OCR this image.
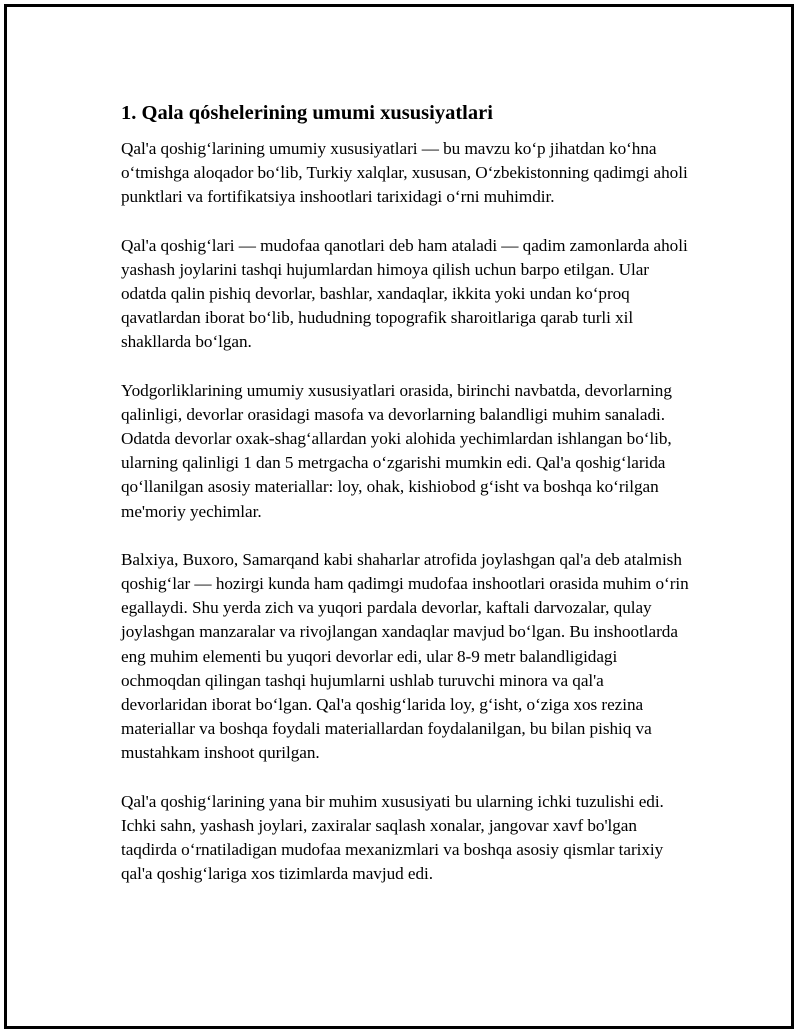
1. Qala qóshelerining umumi xususiyatlari

Qal'a qoshig‘larining umumiy xususiyatlari — bu mavzu ko‘p jihatdan ko‘hna o‘tmishga aloqador bo‘lib, Turkiy xalqlar, xususan, O‘zbekistonning qadimgi aholi punktlari va fortifikatsiya inshootlari tarixidagi o‘rni muhimdir.

Qal'a qoshig‘lari — mudofaa qanotlari deb ham ataladi — qadim zamonlarda aholi yashash joylarini tashqi hujumlardan himoya qilish uchun barpo etilgan. Ular odatda qalin pishiq devorlar, bashlar, xandaqlar, ikkita yoki undan ko‘proq qavatlardan iborat bo‘lib, hududning topografik sharoitlariga qarab turli xil shakllarda bo‘lgan.

Yodgorliklarining umumiy xususiyatlari orasida, birinchi navbatda, devorlarning qalinligi, devorlar orasidagi masofa va devorlarning balandligi muhim sanaladi. Odatda devorlar oxak-shag‘allardan yoki alohida yechimlardan ishlangan bo‘lib, ularning qalinligi 1 dan 5 metrgacha o‘zgarishi mumkin edi. Qal'a qoshig‘larida qo‘llanilgan asosiy materiallar: loy, ohak, kishiobod g‘isht va boshqa ko‘rilgan me'moriy yechimlar.

Balxiya, Buxoro, Samarqand kabi shaharlar atrofida joylashgan qal'a deb atalmish qoshig‘lar — hozirgi kunda ham qadimgi mudofaa inshootlari orasida muhim o‘rin egallaydi. Shu yerda zich va yuqori pardala devorlar, kaftali darvozalar, qulay joylashgan manzaralar va rivojlangan xandaqlar mavjud bo‘lgan. Bu inshootlarda eng muhim elementi bu yuqori devorlar edi, ular 8-9 metr balandligidagi ochmoqdan qilingan tashqi hujumlarni ushlab turuvchi minora va qal'a devorlaridan iborat bo‘lgan. Qal'a qoshig‘larida loy, g‘isht, o‘ziga xos rezina materiallar va boshqa foydali materiallardan foydalanilgan, bu bilan pishiq va mustahkam inshoot qurilgan.

Qal'a qoshig‘larining yana bir muhim xususiyati bu ularning ichki tuzulishi edi. Ichki sahn, yashash joylari, zaxiralar saqlash xonalar, jangovar xavf bo'lgan taqdirda o‘rnatiladigan mudofaa mexanizmlari va boshqa asosiy qismlar tarixiy qal'a qoshig‘lariga xos tizimlarda mavjud edi.
